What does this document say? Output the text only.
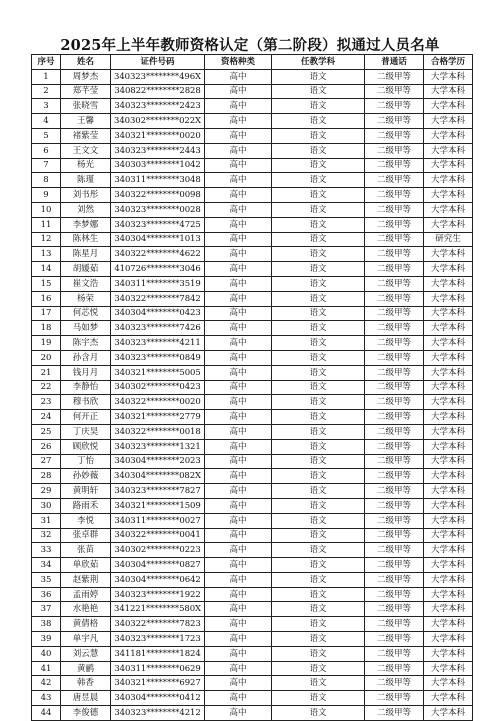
2025年上半年教师资格认定（第二阶段）拟通过人员名单
序号	姓名	证件号码	资格种类	任教学科	普通话	合格学历
1	周梦杰	340323********496X	高中	语文	二级甲等	大学本科
2	郑芊莹	340822********2828	高中	语文	二级甲等	大学本科
3	张晓雪	340323********2423	高中	语文	二级甲等	大学本科
4	王馨	340302********022X	高中	语文	二级甲等	大学本科
5	褚紫莹	340321********0020	高中	语文	二级甲等	大学本科
6	王文文	340323********2443	高中	语文	二级甲等	大学本科
7	杨光	340303********1042	高中	语文	二级甲等	大学本科
8	陈瑾	340311********3048	高中	语文	二级甲等	大学本科
9	刘书彤	340322********0098	高中	语文	二级甲等	大学本科
10	刘然	340323********0028	高中	语文	二级甲等	大学本科
11	李梦娜	340323********4725	高中	语文	二级甲等	大学本科
12	陈林生	340304********1013	高中	语文	二级甲等	研究生
13	陈星月	340322********4622	高中	语文	二级甲等	大学本科
14	胡媛茹	410726********3046	高中	语文	二级甲等	大学本科
15	崔文浩	340311********3519	高中	语文	二级甲等	大学本科
16	杨荣	340322********7842	高中	语文	二级甲等	大学本科
17	何芯悦	340304********0423	高中	语文	二级甲等	大学本科
18	马如梦	340323********7426	高中	语文	二级甲等	大学本科
19	陈宇杰	340323********4211	高中	语文	二级甲等	大学本科
20	孙含月	340323********0849	高中	语文	二级甲等	大学本科
21	钱月月	340321********5005	高中	语文	二级甲等	大学本科
22	李静怡	340302********0423	高中	语文	二级甲等	大学本科
23	穆书欣	340322********0020	高中	语文	二级甲等	大学本科
24	何开正	340321********2779	高中	语文	二级甲等	大学本科
25	丁庆昊	340322********0018	高中	语文	二级甲等	大学本科
26	顾欣悦	340323********1321	高中	语文	二级甲等	大学本科
27	丁怡	340304********2023	高中	语文	二级甲等	大学本科
28	孙妙薇	340304********082X	高中	语文	二级甲等	大学本科
29	黄明轩	340323********7827	高中	语文	二级甲等	大学本科
30	路雨禾	340321********1509	高中	语文	二级甲等	大学本科
31	李悦	340311********0027	高中	语文	二级甲等	大学本科
32	张卓群	340322********0041	高中	语文	二级甲等	大学本科
33	张苗	340302********0223	高中	语文	二级甲等	大学本科
34	单欣茹	340304********0827	高中	语文	二级甲等	大学本科
35	赵紫荆	340304********0642	高中	语文	二级甲等	大学本科
36	孟雨婷	340323********1922	高中	语文	二级甲等	大学本科
37	水艳艳	341221********580X	高中	语文	二级甲等	大学本科
38	黄倩格	340322********7823	高中	语文	二级甲等	大学本科
39	单宇凡	340323********1723	高中	语文	二级甲等	大学本科
40	刘云慧	341181********1824	高中	语文	二级甲等	大学本科
41	黄鹂	340311********0629	高中	语文	二级甲等	大学本科
42	韩香	340321********6927	高中	语文	二级甲等	大学本科
43	唐昱晨	340304********0412	高中	语文	二级甲等	大学本科
44	李俊德	340323********4212	高中	语文	二级甲等	大学本科
